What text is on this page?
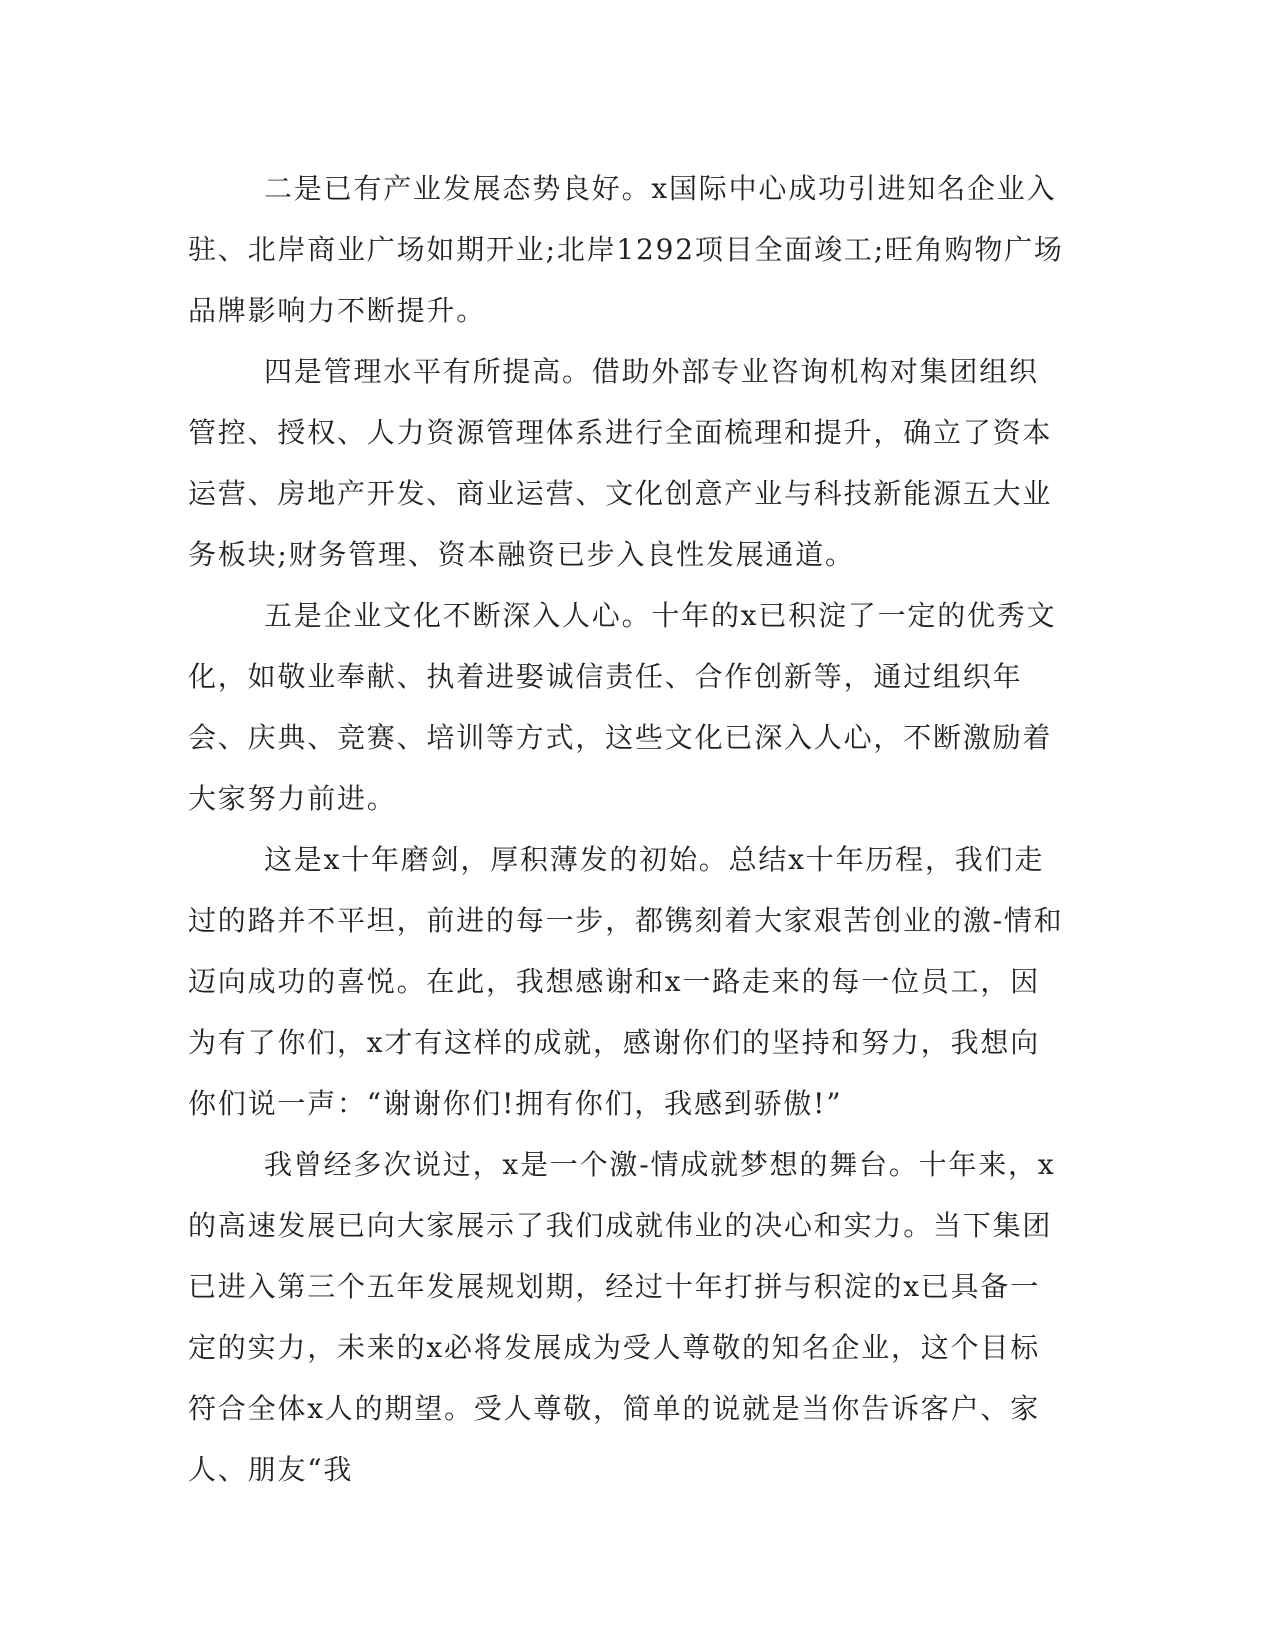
二是已有产业发展态势良好。x国际中心成功引进知名企业入驻、北岸商业广场如期开业;北岸1292项目全面竣工;旺角购物广场品牌影响力不断提升。

四是管理水平有所提高。借助外部专业咨询机构对集团组织管控、授权、人力资源管理体系进行全面梳理和提升，确立了资本运营、房地产开发、商业运营、文化创意产业与科技新能源五大业务板块;财务管理、资本融资已步入良性发展通道。

五是企业文化不断深入人心。十年的x已积淀了一定的优秀文化，如敬业奉献、执着进娶诚信责任、合作创新等，通过组织年会、庆典、竞赛、培训等方式，这些文化已深入人心，不断激励着大家努力前进。

这是x十年磨剑，厚积薄发的初始。总结x十年历程，我们走过的路并不平坦，前进的每一步，都镌刻着大家艰苦创业的激-情和迈向成功的喜悦。在此，我想感谢和x一路走来的每一位员工，因为有了你们，x才有这样的成就，感谢你们的坚持和努力，我想向你们说一声：“谢谢你们!拥有你们，我感到骄傲!”

我曾经多次说过，x是一个激-情成就梦想的舞台。十年来，x的高速发展已向大家展示了我们成就伟业的决心和实力。当下集团已进入第三个五年发展规划期，经过十年打拼与积淀的x已具备一定的实力，未来的x必将发展成为受人尊敬的知名企业，这个目标符合全体x人的期望。受人尊敬，简单的说就是当你告诉客户、家人、朋友“我
